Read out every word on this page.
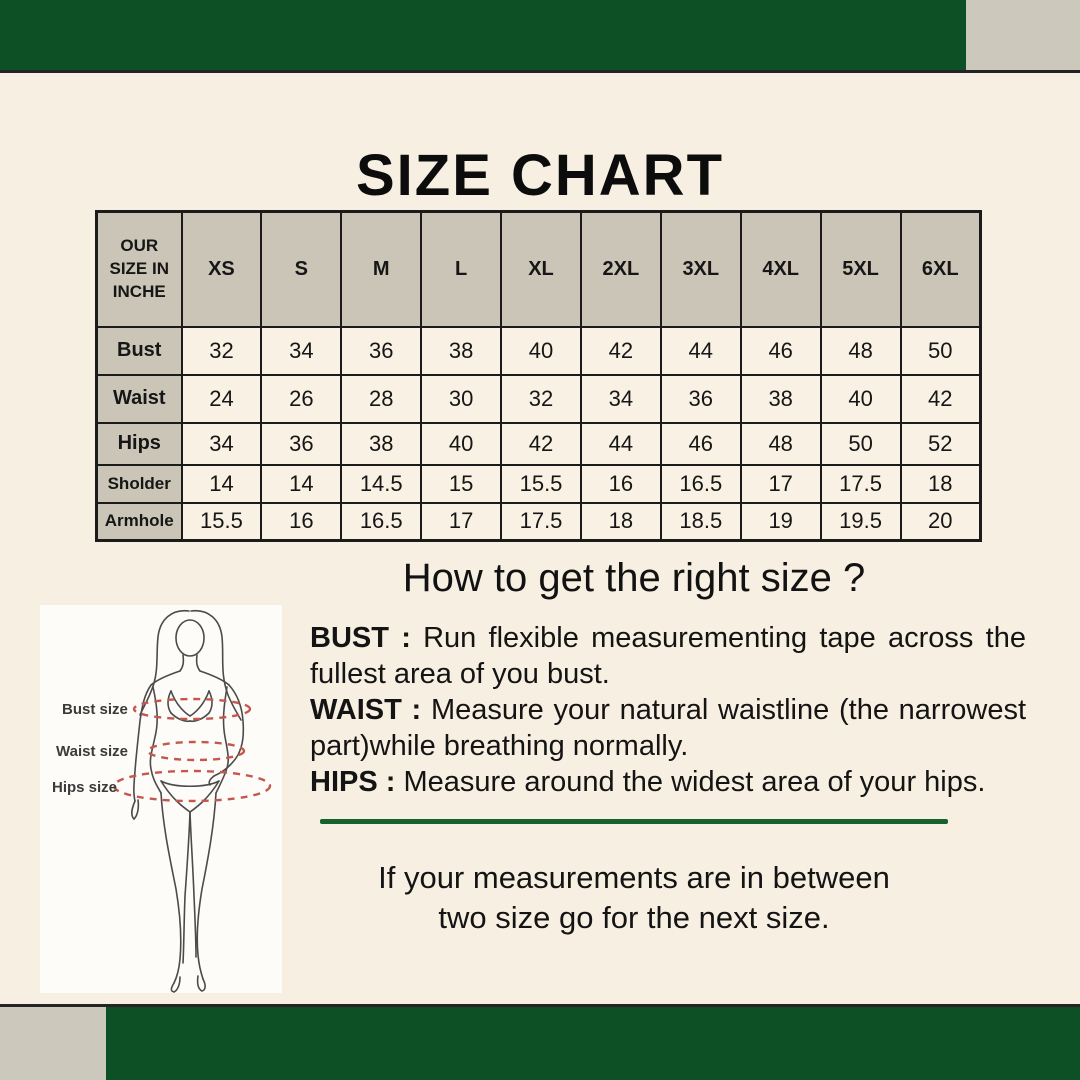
SIZE CHART
OUR SIZE IN INCHE	XS	S	M	L	XL	2XL	3XL	4XL	5XL	6XL
Bust	32	34	36	38	40	42	44	46	48	50
Waist	24	26	28	30	32	34	36	38	40	42
Hips	34	36	38	40	42	44	46	48	50	52
Sholder	14	14	14.5	15	15.5	16	16.5	17	17.5	18
Armhole	15.5	16	16.5	17	17.5	18	18.5	19	19.5	20
How to get the right size ?

BUST : Run flexible measurementing tape across the fullest area of you bust.

WAIST : Measure your natural waistline (the narrowest part)while breathing normally.

HIPS : Measure around the widest area of your hips.

If your measurements are in between
two size go for the next size.
Bust size
Waist size
Hips size
